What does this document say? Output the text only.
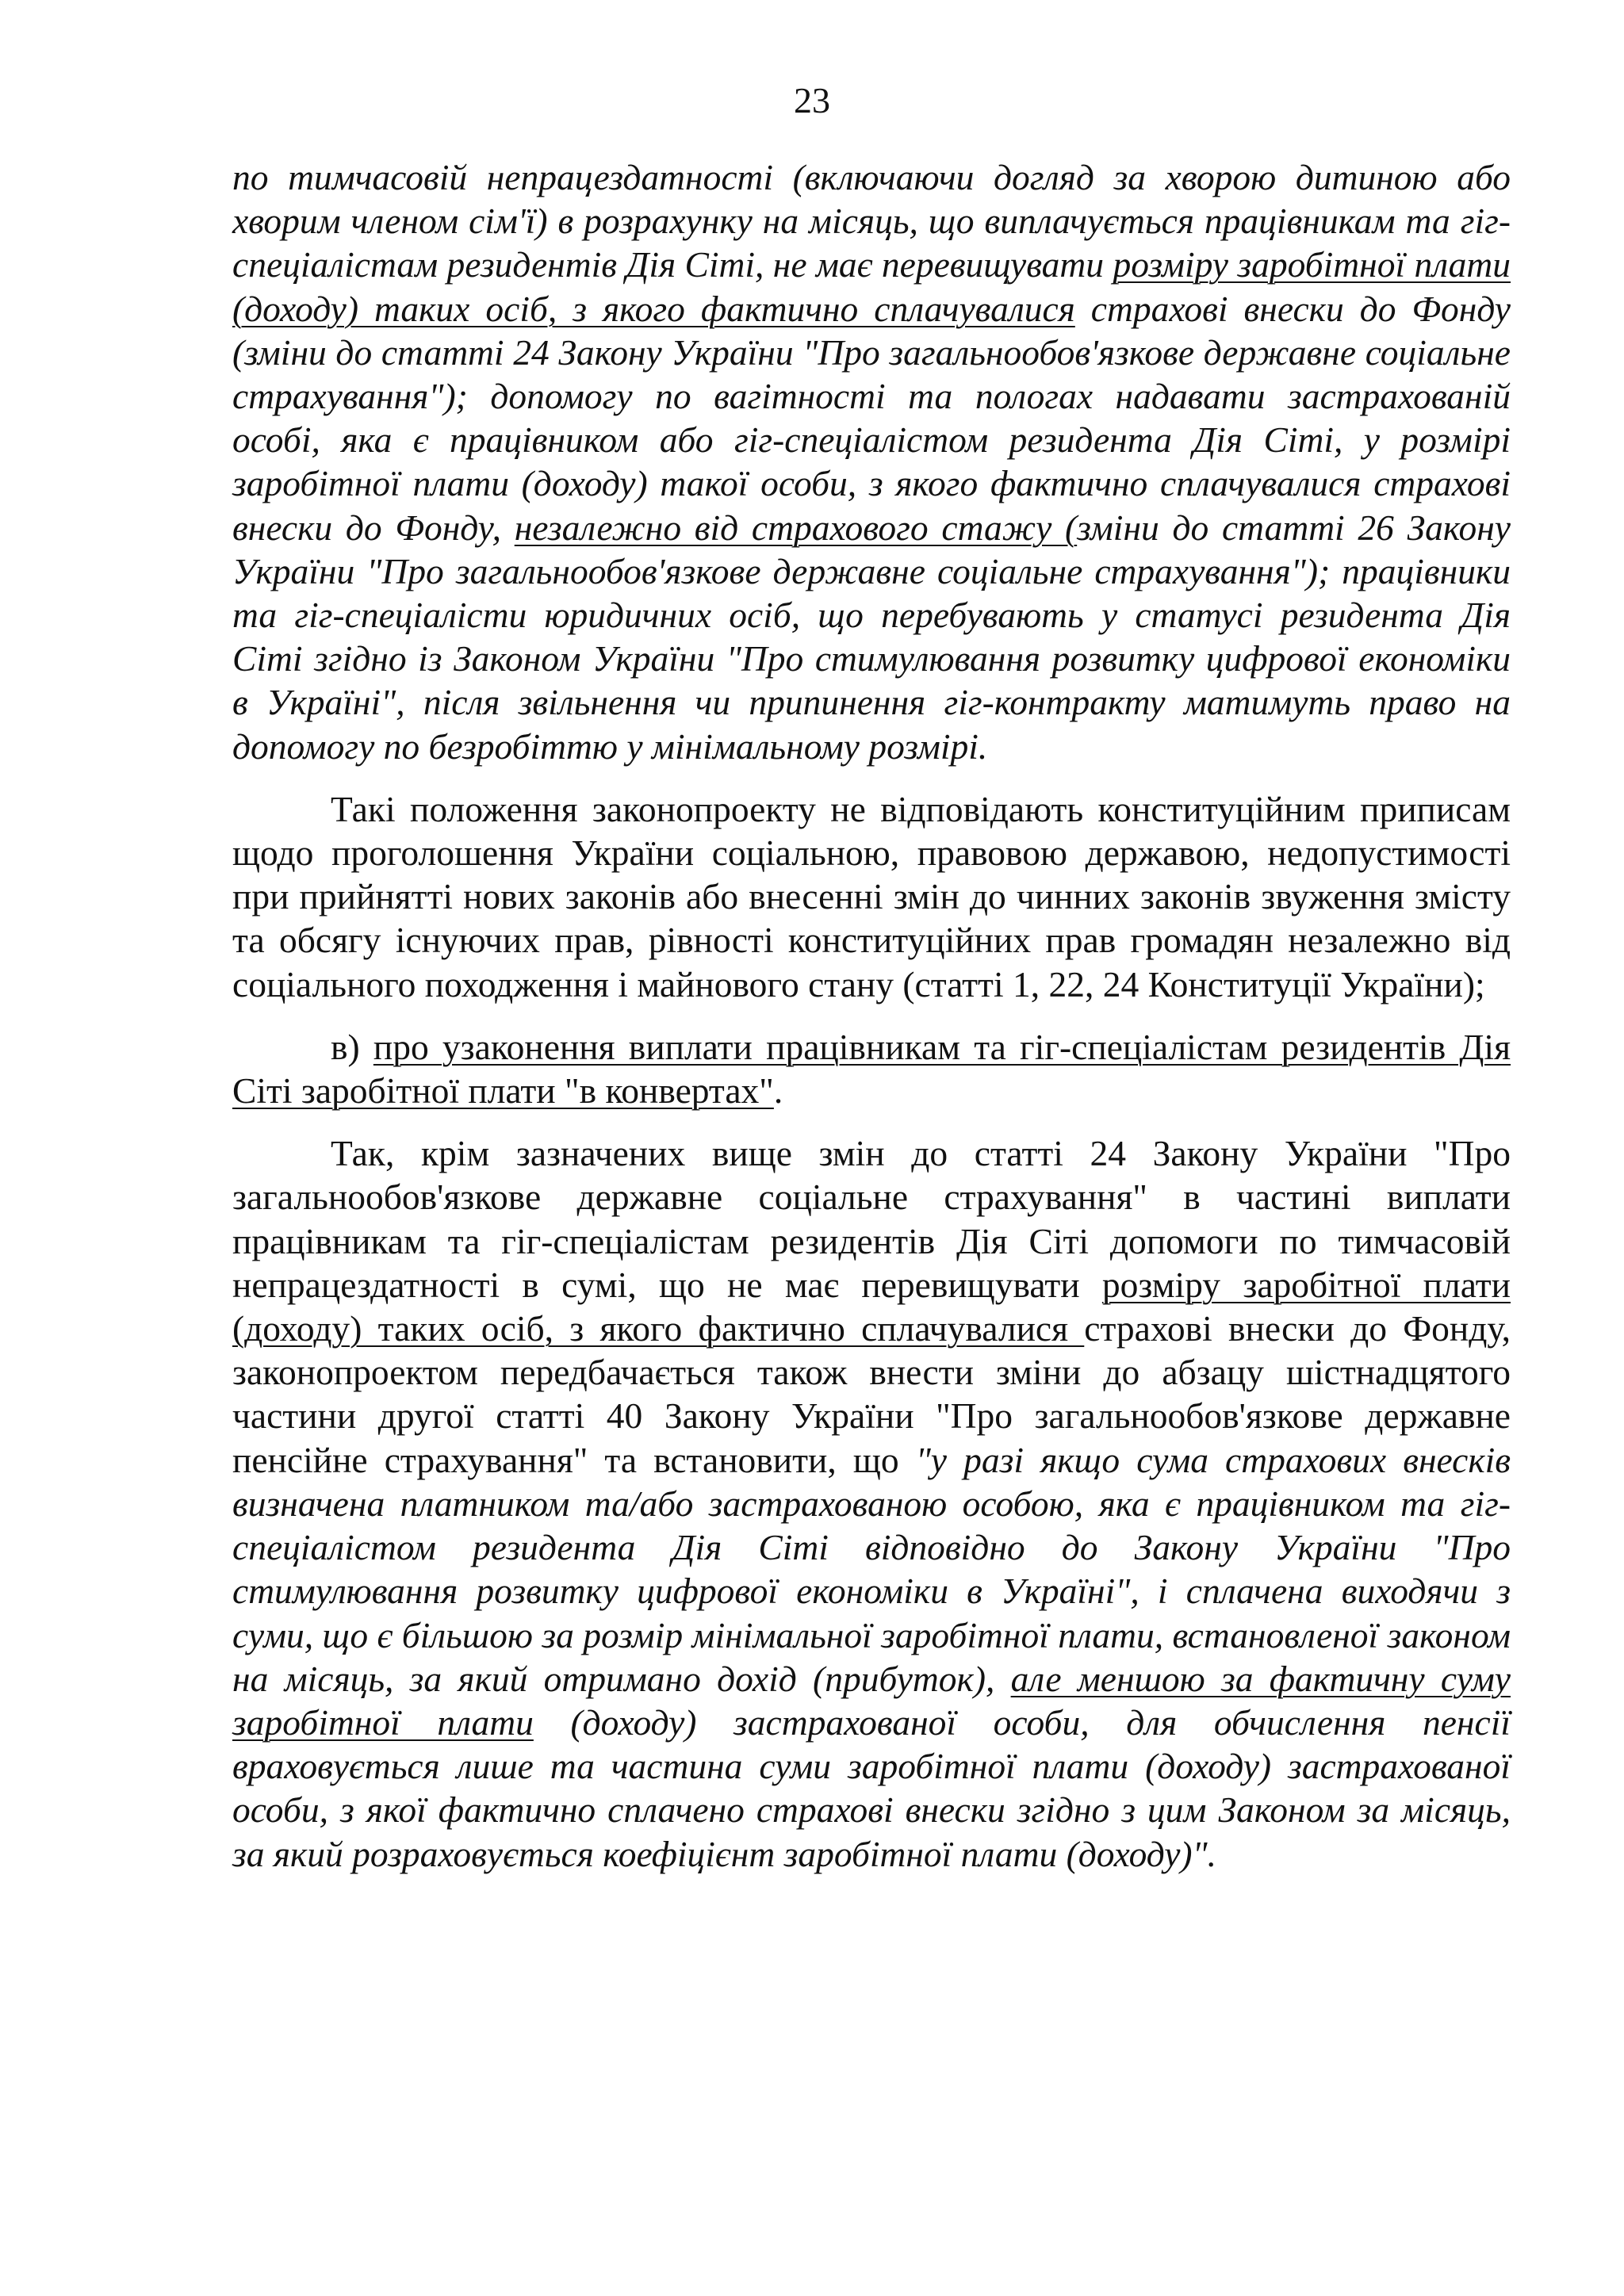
23

по тимчасовій непрацездатності (включаючи догляд за хворою дитиною або хворим членом сім'ї) в розрахунку на місяць, що виплачується працівникам та гіг-спеціалістам резидентів Дія Сіті, не має перевищувати розміру заробітної плати (доходу) таких осіб, з якого фактично сплачувалися страхові внески до Фонду (зміни до статті 24 Закону України "Про загальнообов'язкове державне соціальне страхування"); допомогу по вагітності та пологах надавати застрахованій особі, яка є працівником або гіг-спеціалістом резидента Дія Сіті, у розмірі заробітної плати (доходу) такої особи, з якого фактично сплачувалися страхові внески до Фонду, незалежно від страхового стажу (зміни до статті 26 Закону України "Про загальнообов'язкове державне соціальне страхування"); працівники та гіг-спеціалісти юридичних осіб, що перебувають у статусі резидента Дія Сіті згідно із Законом України "Про стимулювання розвитку цифрової економіки в Україні", після звільнення чи припинення гіг-контракту матимуть право на допомогу по безробіттю у мінімальному розмірі.

Такі положення законопроекту не відповідають конституційним приписам щодо проголошення України соціальною, правовою державою, недопустимості при прийнятті нових законів або внесенні змін до чинних законів звуження змісту та обсягу існуючих прав, рівності конституційних прав громадян незалежно від соціального походження і майнового стану (статті 1, 22, 24 Конституції України);

в) про узаконення виплати працівникам та гіг-спеціалістам резидентів Дія Сіті заробітної плати "в конвертах".

Так, крім зазначених вище змін до статті 24 Закону України "Про загальнообов'язкове державне соціальне страхування" в частині виплати працівникам та гіг-спеціалістам резидентів Дія Сіті допомоги по тимчасовій непрацездатності в сумі, що не має перевищувати розміру заробітної плати (доходу) таких осіб, з якого фактично сплачувалися страхові внески до Фонду, законопроектом передбачається також внести зміни до абзацу шістнадцятого частини другої статті 40 Закону України "Про загальнообов'язкове державне пенсійне страхування" та встановити, що "у разі якщо сума страхових внесків визначена платником та/або застрахованою особою, яка є працівником та гіг-спеціалістом резидента Дія Сіті відповідно до Закону України "Про стимулювання розвитку цифрової економіки в Україні", і сплачена виходячи з суми, що є більшою за розмір мінімальної заробітної плати, встановленої законом на місяць, за який отримано дохід (прибуток), але меншою за фактичну суму заробітної плати (доходу) застрахованої особи, для обчислення пенсії враховується лише та частина суми заробітної плати (доходу) застрахованої особи, з якої фактично сплачено страхові внески згідно з цим Законом за місяць, за який розраховується коефіцієнт заробітної плати (доходу)".
